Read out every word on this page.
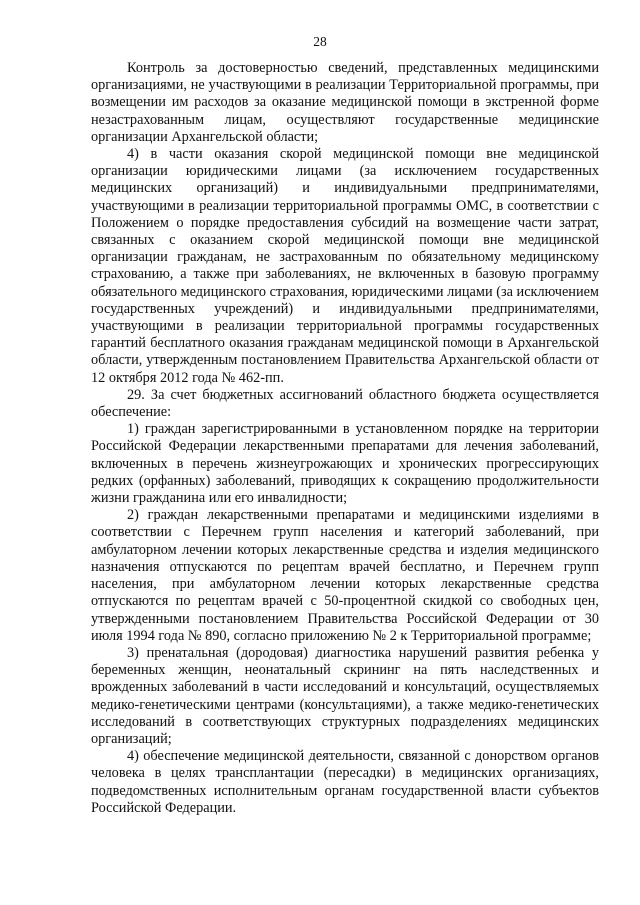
28

Контроль за достоверностью сведений, представленных медицинскими организациями, не участвующими в реализации Территориальной программы, при возмещении им расходов за оказание медицинской помощи в экстренной форме незастрахованным лицам, осуществляют государственные медицинские организации Архангельской области;

4) в части оказания скорой медицинской помощи вне медицинской организации юридическими лицами (за исключением государственных медицинских организаций) и индивидуальными предпринимателями, участвующими в реализации территориальной программы ОМС, в соответствии с Положением о порядке предоставления субсидий на возмещение части затрат, связанных с оказанием скорой медицинской помощи вне медицинской организации гражданам, не застрахованным по обязательному медицинскому страхованию, а также при заболеваниях, не включенных в базовую программу обязательного медицинского страхования, юридическими лицами (за исключением государственных учреждений) и индивидуальными предпринимателями, участвующими в реализации территориальной программы государственных гарантий бесплатного оказания гражданам медицинской помощи в Архангельской области, утвержденным постановлением Правительства Архангельской области от 12 октября 2012 года № 462-пп.

29. За счет бюджетных ассигнований областного бюджета осуществляется обеспечение:

1) граждан зарегистрированными в установленном порядке на территории Российской Федерации лекарственными препаратами для лечения заболеваний, включенных в перечень жизнеугрожающих и хронических прогрессирующих редких (орфанных) заболеваний, приводящих к сокращению продолжительности жизни гражданина или его инвалидности;

2) граждан лекарственными препаратами и медицинскими изделиями в соответствии с Перечнем групп населения и категорий заболеваний, при амбулаторном лечении которых лекарственные средства и изделия медицинского назначения отпускаются по рецептам врачей бесплатно, и Перечнем групп населения, при амбулаторном лечении которых лекарственные средства отпускаются по рецептам врачей с 50-процентной скидкой со свободных цен, утвержденными постановлением Правительства Российской Федерации от 30 июля 1994 года № 890, согласно приложению № 2 к Территориальной программе;

3) пренатальная (дородовая) диагностика нарушений развития ребенка у беременных женщин, неонатальный скрининг на пять наследственных и врожденных заболеваний в части исследований и консультаций, осуществляемых медико-генетическими центрами (консультациями), а также медико-генетических исследований в соответствующих структурных подразделениях медицинских организаций;

4) обеспечение медицинской деятельности, связанной с донорством органов человека в целях трансплантации (пересадки) в медицинских организациях, подведомственных исполнительным органам государственной власти субъектов Российской Федерации.
